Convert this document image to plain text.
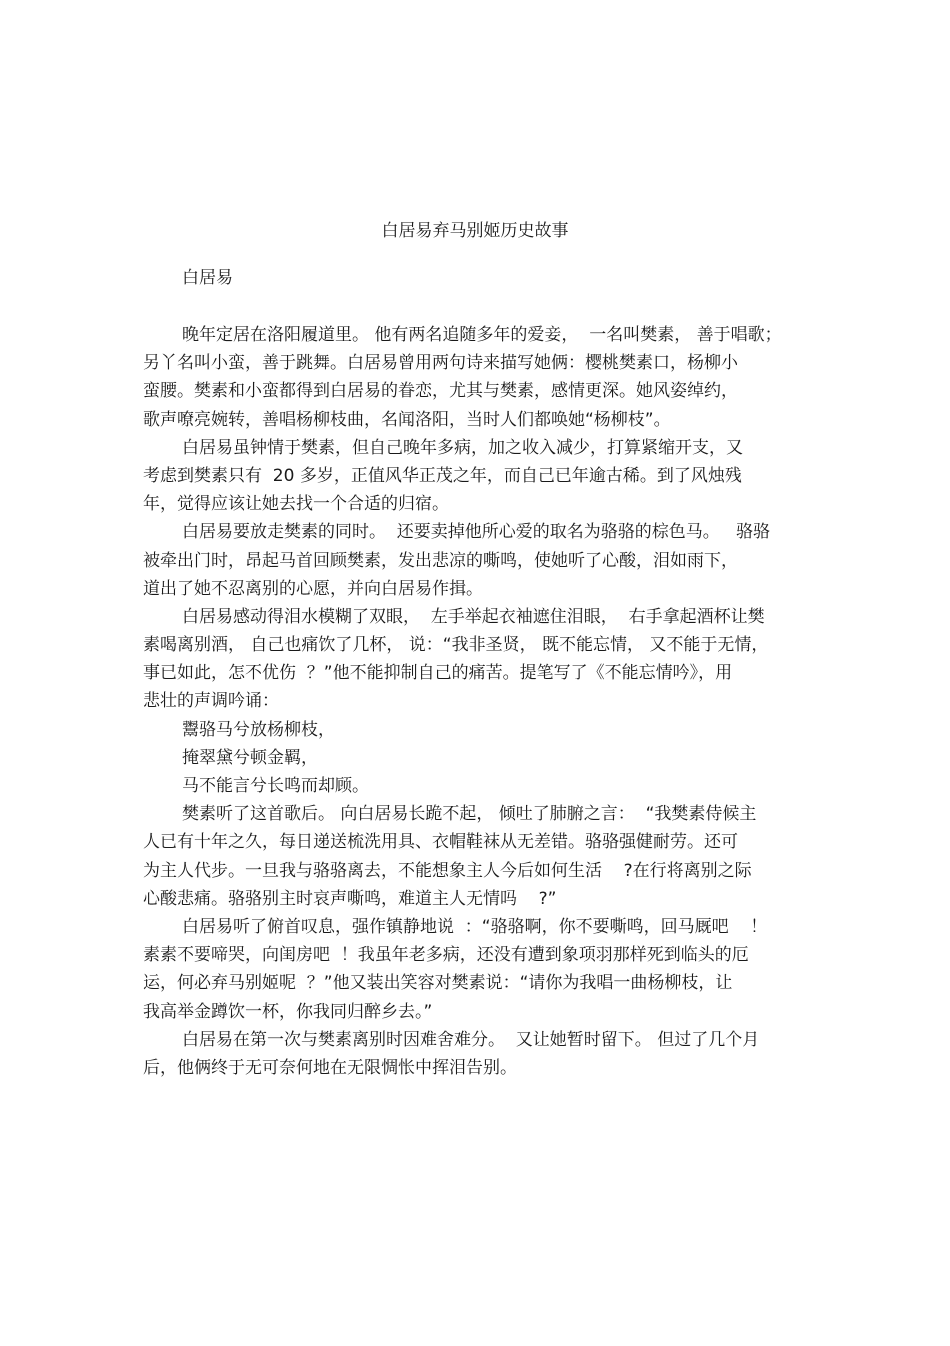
白居易弃马别姬历史故事
白居易
晚年定居在洛阳履道里。 他有两名追随多年的爱妾，  一名叫樊素， 善于唱歌；
另丫名叫小蛮，善于跳舞。白居易曾用两句诗来描写她俩：樱桃樊素口，杨柳小
蛮腰。樊素和小蛮都得到白居易的眷恋，尤其与樊素，感情更深。她风姿绰约，
歌声嘹亮婉转，善唱杨柳枝曲，名闻洛阳，当时人们都唤她“杨柳枝”。
白居易虽钟情于樊素，但自己晚年多病，加之收入减少，打算紧缩开支，又
考虑到樊素只有  20 多岁，正值风华正茂之年，而自己已年逾古稀。到了风烛残
年，觉得应该让她去找一个合适的归宿。
白居易要放走樊素的同时。  还要卖掉他所心爱的取名为骆骆的棕色马。   骆骆
被牵出门时，昂起马首回顾樊素，发出悲凉的嘶鸣，使她听了心酸，泪如雨下，
道出了她不忍离别的心愿，并向白居易作揖。
白居易感动得泪水模糊了双眼，  左手举起衣袖遮住泪眼，  右手拿起酒杯让樊
素喝离别酒， 自己也痛饮了几杯， 说：“我非圣贤， 既不能忘情， 又不能于无情，
事已如此，怎不优伤  ？”他不能抑制自己的痛苦。提笔写了《不能忘情吟》，用
悲壮的声调吟诵：
鬻骆马兮放杨柳枝，
掩翠黛兮顿金羁，
马不能言兮长鸣而却顾。
樊素听了这首歌后。 向白居易长跪不起， 倾吐了肺腑之言：  “我樊素侍候主
人已有十年之久，每日递送梳洗用具、衣帽鞋袜从无差错。骆骆强健耐劳。还可
为主人代步。一旦我与骆骆离去，不能想象主人今后如何生活    ?在行将离别之际
心酸悲痛。骆骆别主时哀声嘶鸣，难道主人无情吗    ?”
白居易听了俯首叹息，强作镇静地说  ：“骆骆啊，你不要嘶鸣，回马厩吧    ！
素素不要啼哭，向闺房吧  ！我虽年老多病，还没有遭到象项羽那样死到临头的厄
运，何必弃马别姬呢  ？”他又装出笑容对樊素说：“请你为我唱一曲杨柳枝，让
我高举金蹲饮一杯，你我同归醉乡去。”
白居易在第一次与樊素离别时因难舍难分。  又让她暂时留下。 但过了几个月
后，他俩终于无可奈何地在无限惆怅中挥泪告别。
